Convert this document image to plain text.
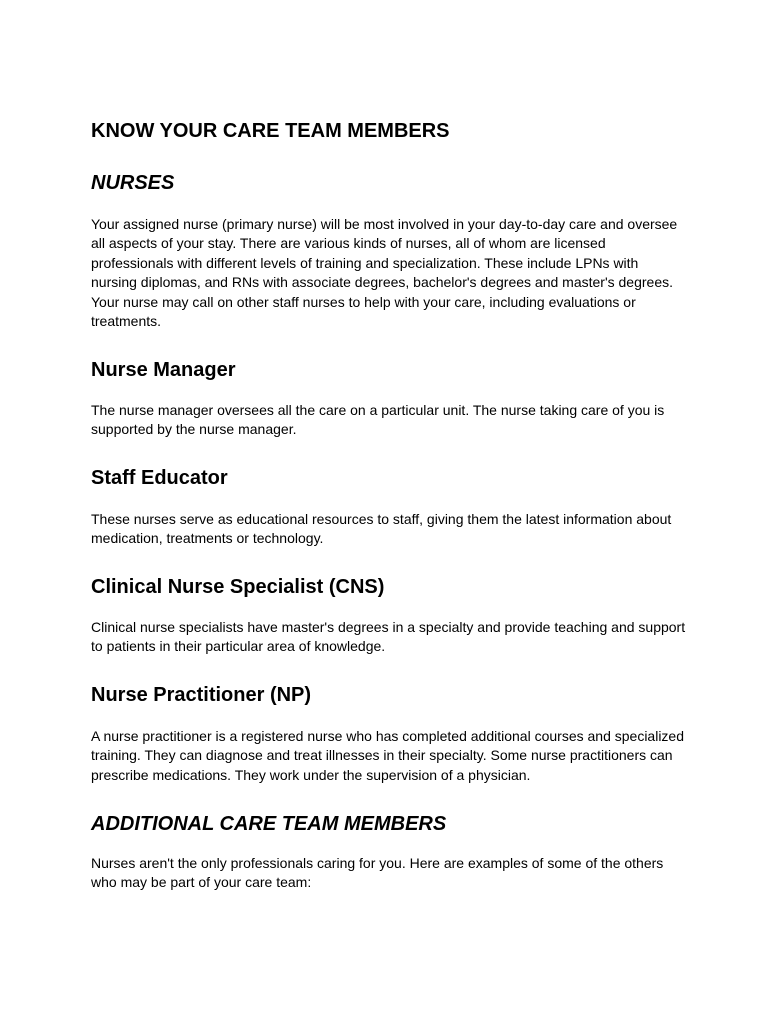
KNOW YOUR CARE TEAM MEMBERS
NURSES

Your assigned nurse (primary nurse) will be most involved in your day-to-day care and oversee all aspects of your stay. There are various kinds of nurses, all of whom are licensed professionals with different levels of training and specialization. These include LPNs with nursing diplomas, and RNs with associate degrees, bachelor's degrees and master's degrees. Your nurse may call on other staff nurses to help with your care, including evaluations or treatments.

Nurse Manager

The nurse manager oversees all the care on a particular unit. The nurse taking care of you is supported by the nurse manager.

Staff Educator

These nurses serve as educational resources to staff, giving them the latest information about medication, treatments or technology.

Clinical Nurse Specialist (CNS)

Clinical nurse specialists have master's degrees in a specialty and provide teaching and support to patients in their particular area of knowledge.

Nurse Practitioner (NP)

A nurse practitioner is a registered nurse who has completed additional courses and specialized training. They can diagnose and treat illnesses in their specialty. Some nurse practitioners can prescribe medications. They work under the supervision of a physician.

ADDITIONAL CARE TEAM MEMBERS

Nurses aren't the only professionals caring for you. Here are examples of some of the others who may be part of your care team:
